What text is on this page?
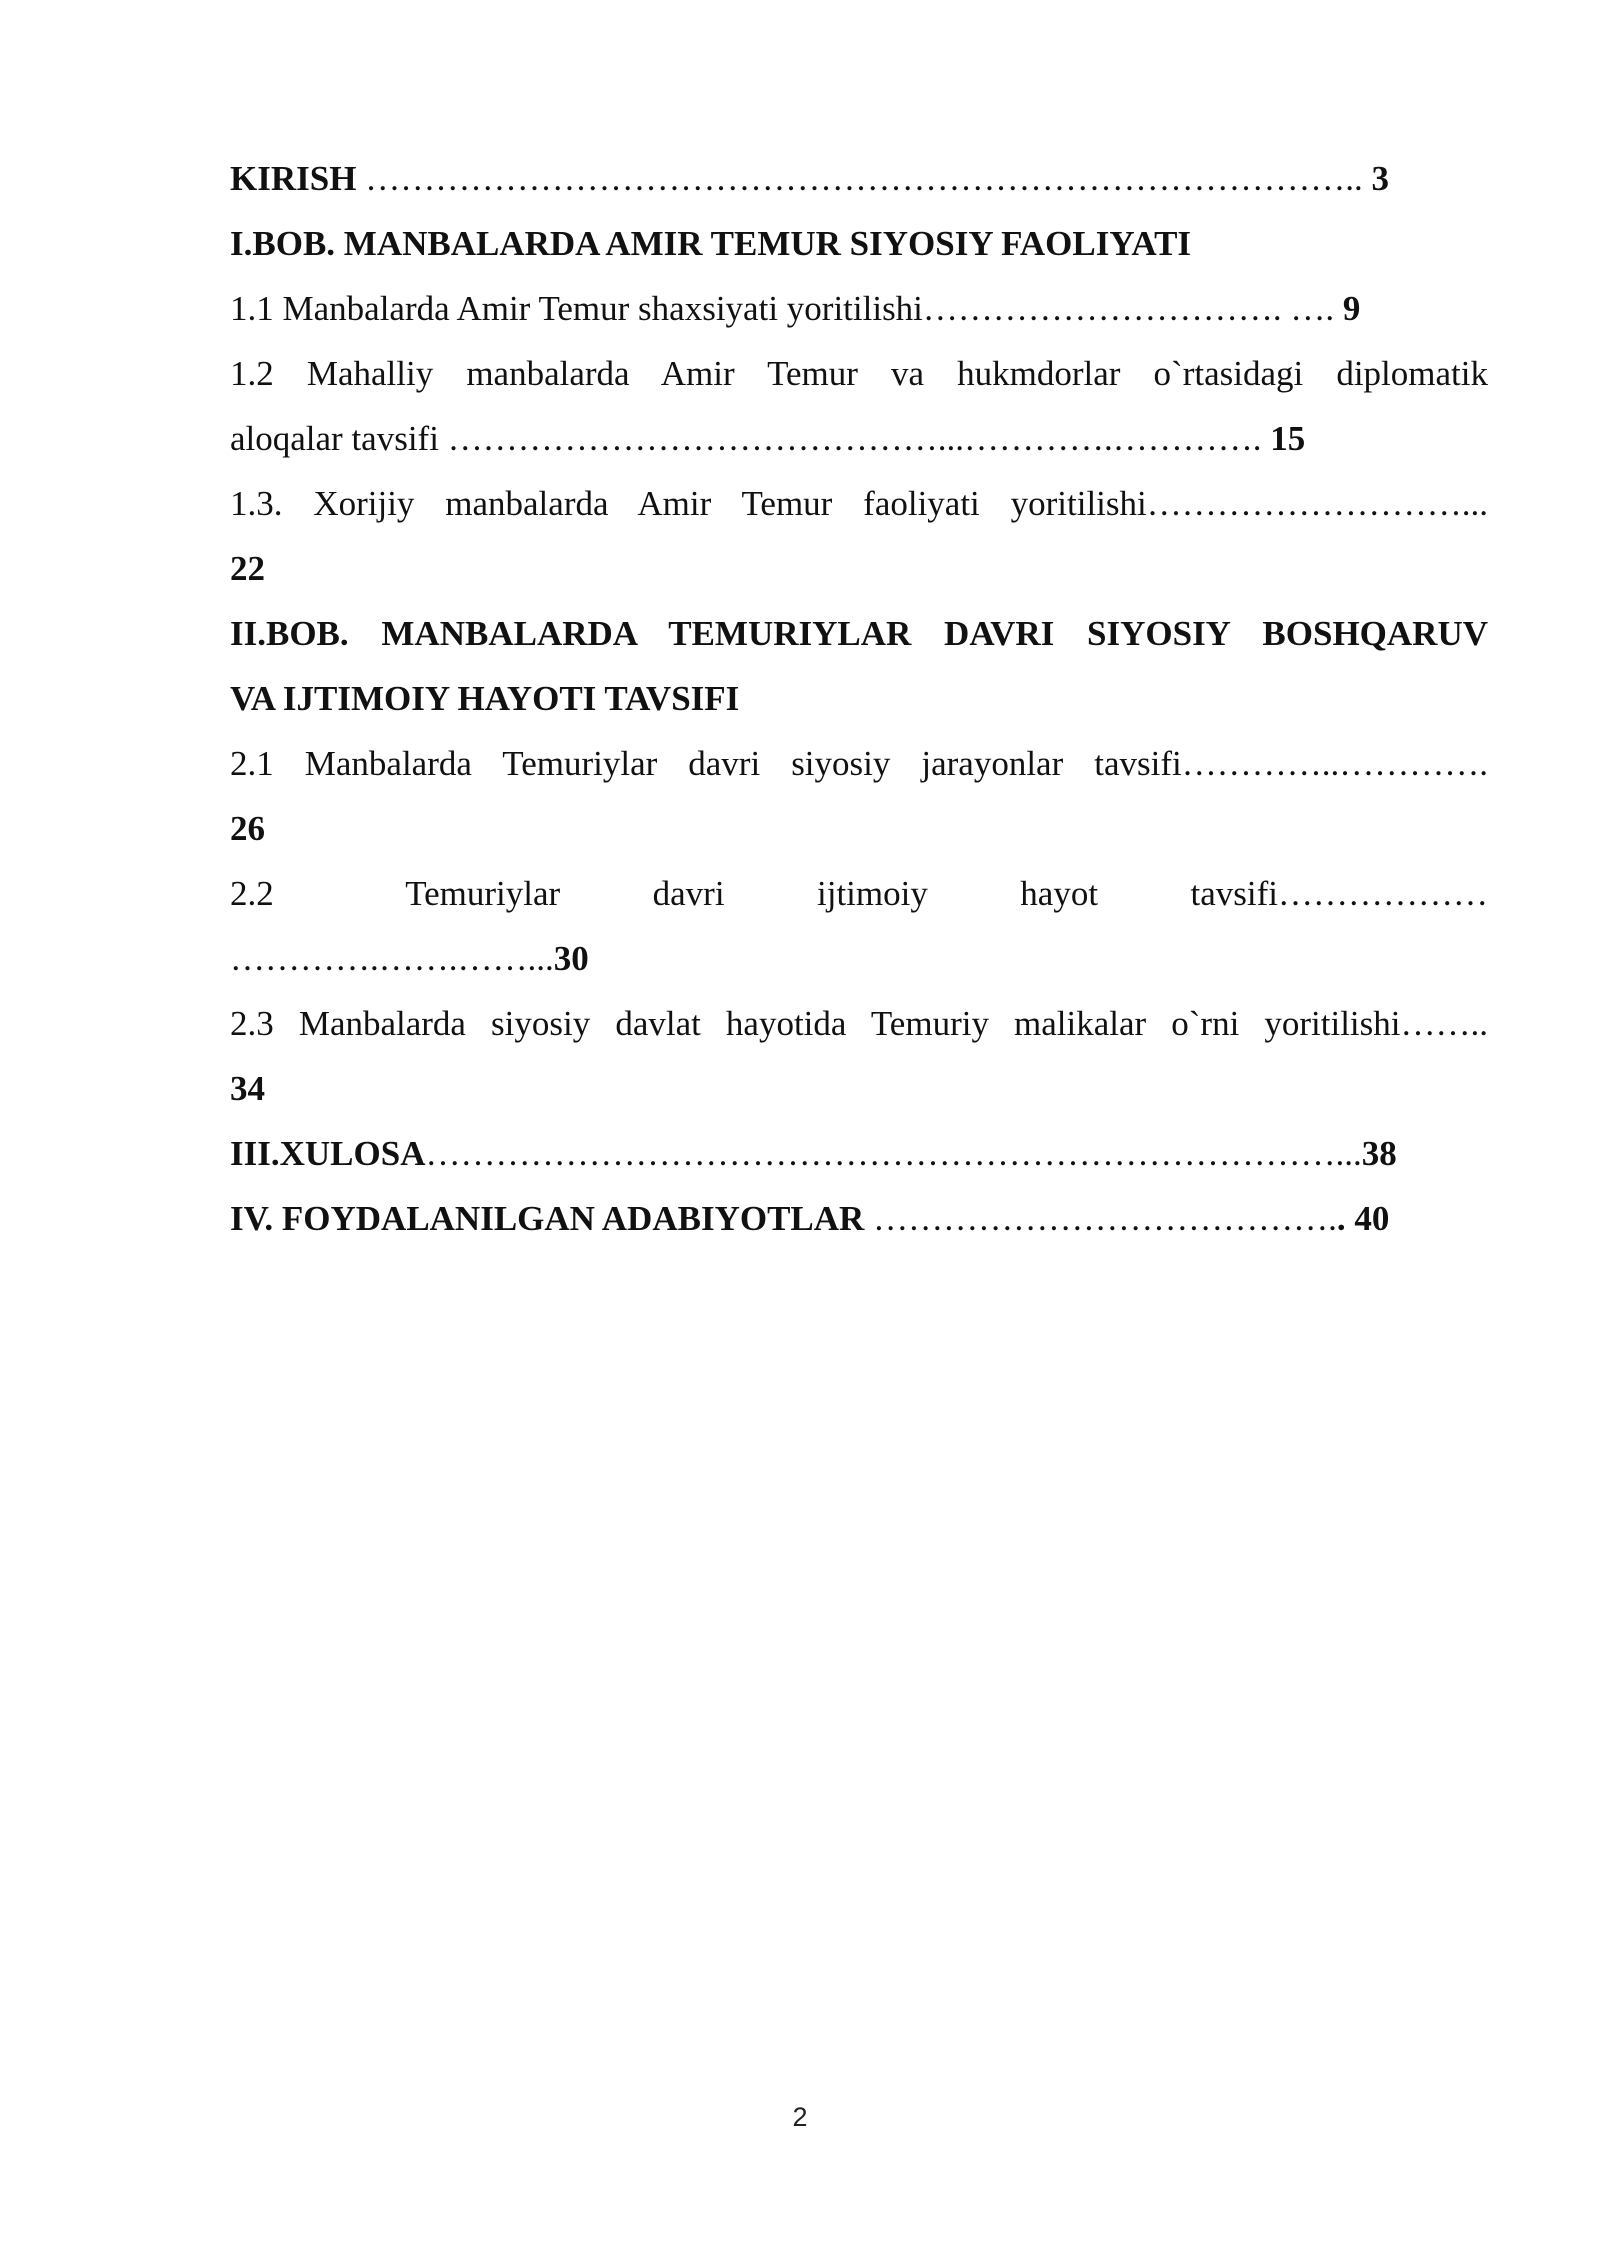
KIRISH ………………………………………………………………………….. 3
I.BOB. MANBALARDA AMIR TEMUR SIYOSIY FAOLIYATI
1.1 Manbalarda Amir Temur shaxsiyati yoritilishi…………………………. …. 9
1.2 Mahalliy manbalarda Amir Temur va hukmdorlar o`rtasidagi diplomatik
aloqalar tavsifi ……………………………………...………….…………. 15
1.3. Xorijiy manbalarda Amir Temur faoliyati yoritilishi………………………...
22
II.BOB. MANBALARDA TEMURIYLAR DAVRI SIYOSIY BOSHQARUV
VA IJTIMOIY HAYOTI TAVSIFI
2.1 Manbalarda Temuriylar davri siyosiy jarayonlar tavsifi…………..………….
26
2.2          Temuriylar       davri       ijtimoiy       hayot       tavsifi………………
………….…….……...30
2.3 Manbalarda siyosiy davlat hayotida Temuriy malikalar o`rni yoritilishi……..
34
III.XULOSA……………………………………………………………………...38
IV. FOYDALANILGAN ADABIYOTLAR ………………………………….. 40
2
